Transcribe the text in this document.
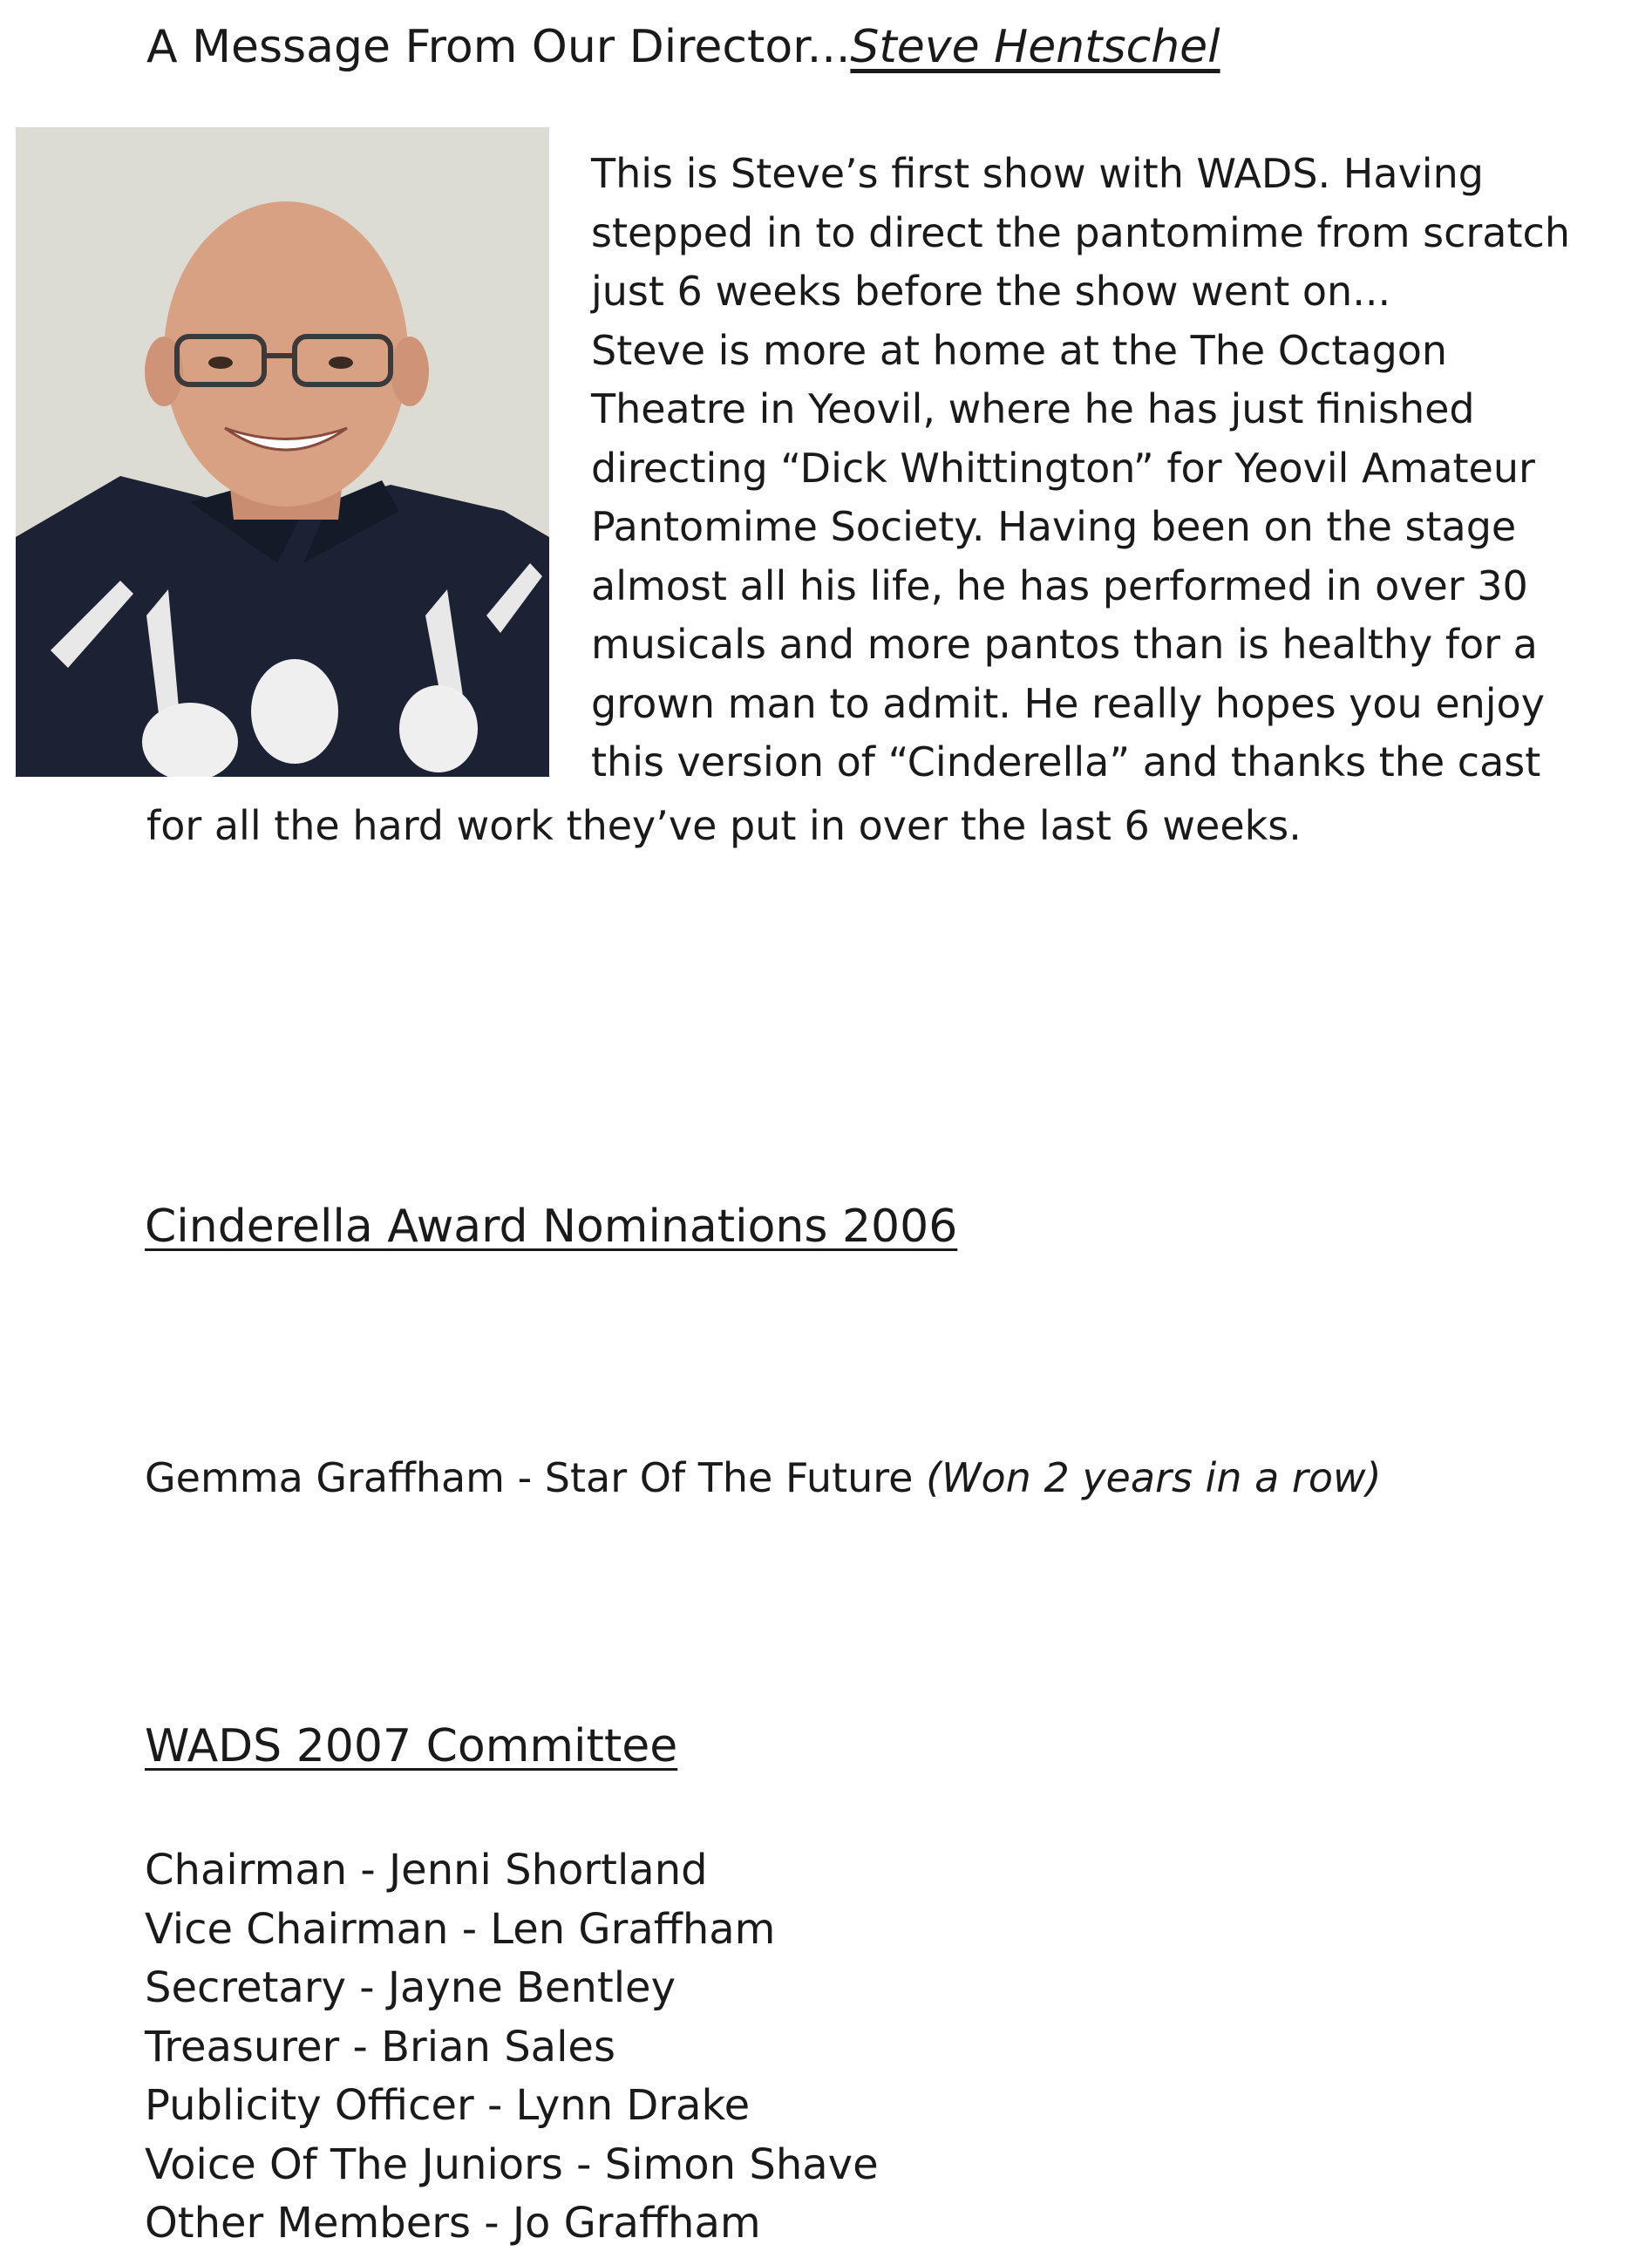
A Message From Our Director...Steve Hentschel
This is Steve’s first show with WADS. Having
stepped in to direct the pantomime from scratch
just 6 weeks before the show went on...
Steve is more at home at the The Octagon
Theatre in Yeovil, where he has just finished
directing “Dick Whittington” for Yeovil Amateur
Pantomime Society. Having been on the stage
almost all his life, he has performed in over 30
musicals and more pantos than is healthy for a
grown man to admit. He really hopes you enjoy
this version of “Cinderella” and thanks the cast
for all the hard work they’ve put in over the last 6 weeks.
Cinderella Award Nominations 2006
Gemma Graffham - Star Of The Future (Won 2 years in a row)
WADS 2007 Committee
Chairman - Jenni Shortland
Vice Chairman - Len Graffham
Secretary - Jayne Bentley
Treasurer - Brian Sales
Publicity Officer - Lynn Drake
Voice Of The Juniors - Simon Shave
Other Members - Jo Graffham
